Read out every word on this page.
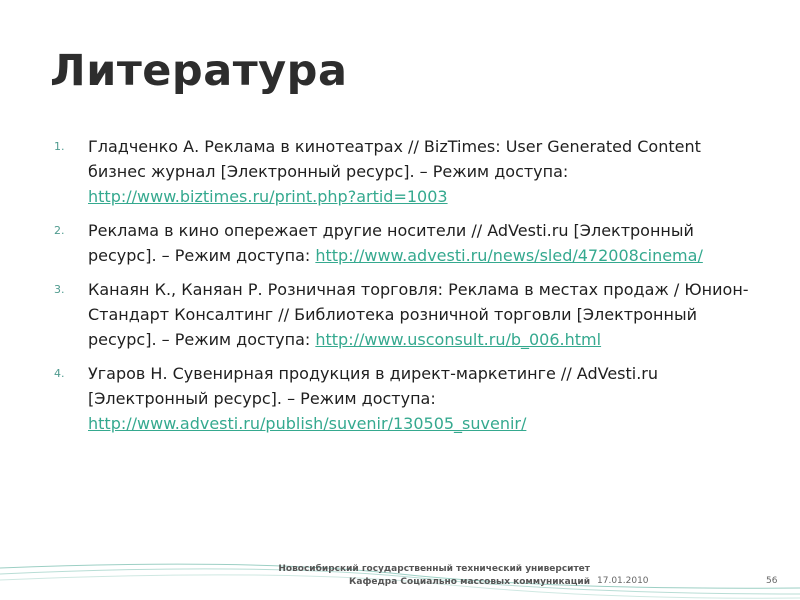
Литература
1. Гладченко А. Реклама в кинотеатрах // BizTimes: User Generated Content бизнес журнал [Электронный ресурс]. – Режим доступа: http://www.biztimes.ru/print.php?artid=1003
2. Реклама в кино опережает другие носители // AdVesti.ru [Электронный ресурс]. – Режим доступа: http://www.advesti.ru/news/sled/472008cinema/
3. Канаян К., Каняан Р. Розничная торговля: Реклама в местах продаж / Юнион-Стандарт Консалтинг // Библиотека розничной торговли [Электронный ресурс]. – Режим доступа: http://www.usconsult.ru/b_006.html
4. Угаров Н. Сувенирная продукция в директ-маркетинге // AdVesti.ru [Электронный ресурс]. – Режим доступа: http://www.advesti.ru/publish/suvenir/130505_suvenir/
Новосибирский государственный технический университет
Кафедра Социально массовых коммуникаций 17.01.2010	56
